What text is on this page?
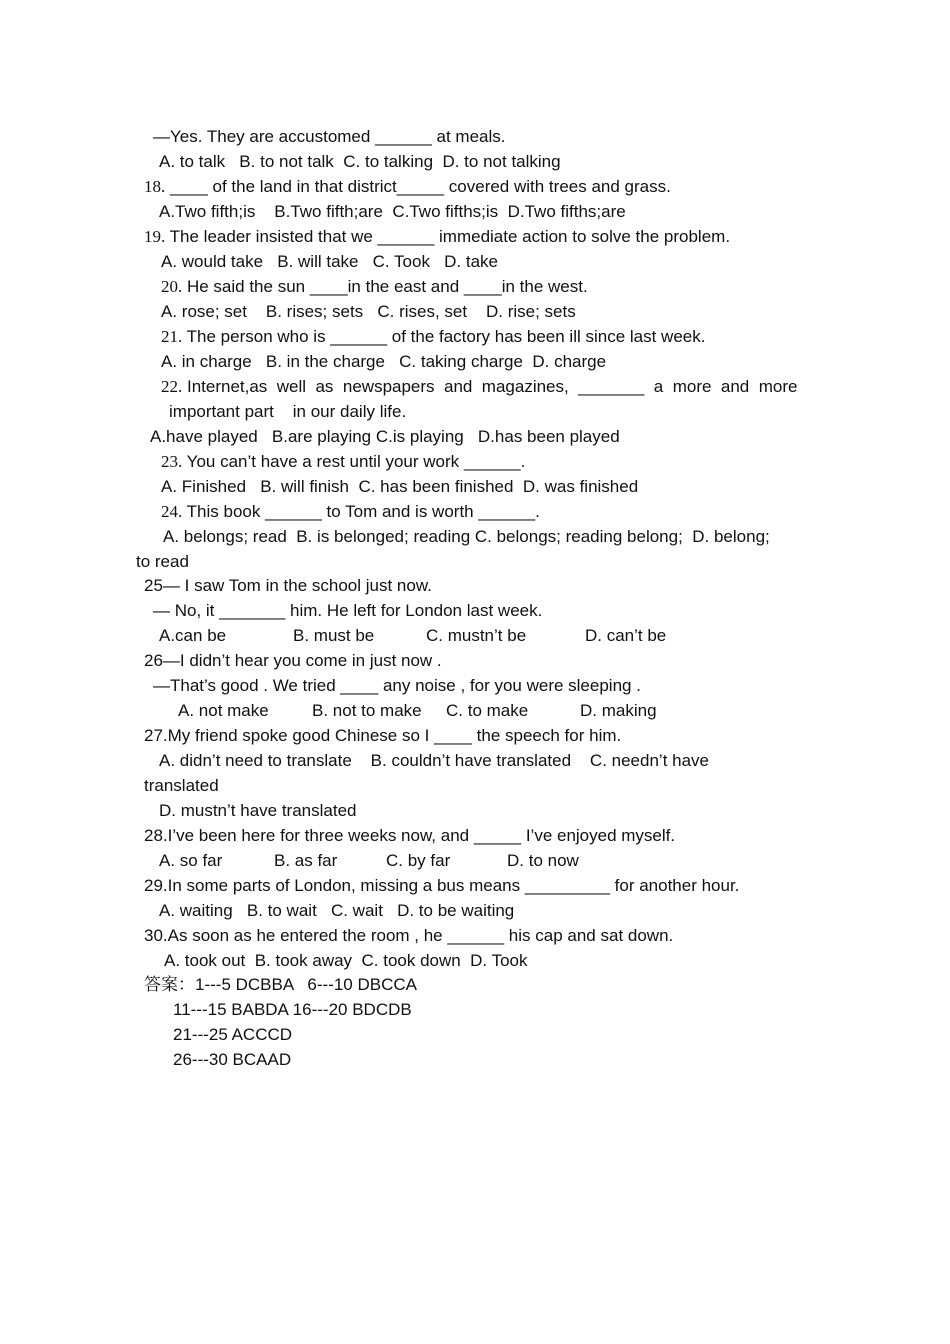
—Yes. They are accustomed ______ at meals.
A. to talk   B. to not talk  C. to talking  D. to not talking
18. ____ of the land in that district_____ covered with trees and grass.
A.Two fifth;is    B.Two fifth;are  C.Two fifths;is  D.Two fifths;are
19. The leader insisted that we ______ immediate action to solve the problem.
A. would take   B. will take   C. Took   D. take
20. He said the sun ____in the east and ____in the west.
A. rose; set    B. rises; sets   C. rises, set    D. rise; sets
21. The person who is ______ of the factory has been ill since last week.
A. in charge   B. in the charge   C. taking charge  D. charge
22. Internet,as  well  as  newspapers  and  magazines,  _______  a  more  and  more
important part    in our daily life.
A.have played   B.are playing C.is playing   D.has been played
23. You can’t have a rest until your work ______.
A. Finished   B. will finish  C. has been finished  D. was finished
24. This book ______ to Tom and is worth ______.
A. belongs; read  B. is belonged; reading C. belongs; reading belong;  D. belong;
to read
25— I saw Tom in the school just now.
— No, it _______ him. He left for London last week.
A.can be	B. must be	C. mustn’t be	D. can’t be
26—I didn’t hear you come in just now .
—That’s good . We tried ____ any noise , for you were sleeping .
A. not make	B. not to make C. to make	D. making
27.My friend spoke good Chinese so I ____ the speech for him.
A. didn’t need to translate    B. couldn’t have translated    C. needn’t have
translated
D. mustn’t have translated
28.I’ve been here for three weeks now, and _____ I’ve enjoyed myself.
A. so far	B. as far	C. by far	D. to now
29.In some parts of London, missing a bus means _________ for another hour.
A. waiting   B. to wait   C. wait   D. to be waiting
30.As soon as he entered the room , he ______ his cap and sat down.
A. took out  B. took away  C. took down  D. Took
答案：1---5 DCBBA   6---10 DBCCA
11---15 BABDA 16---20 BDCDB
21---25 ACCCD
26---30 BCAAD
